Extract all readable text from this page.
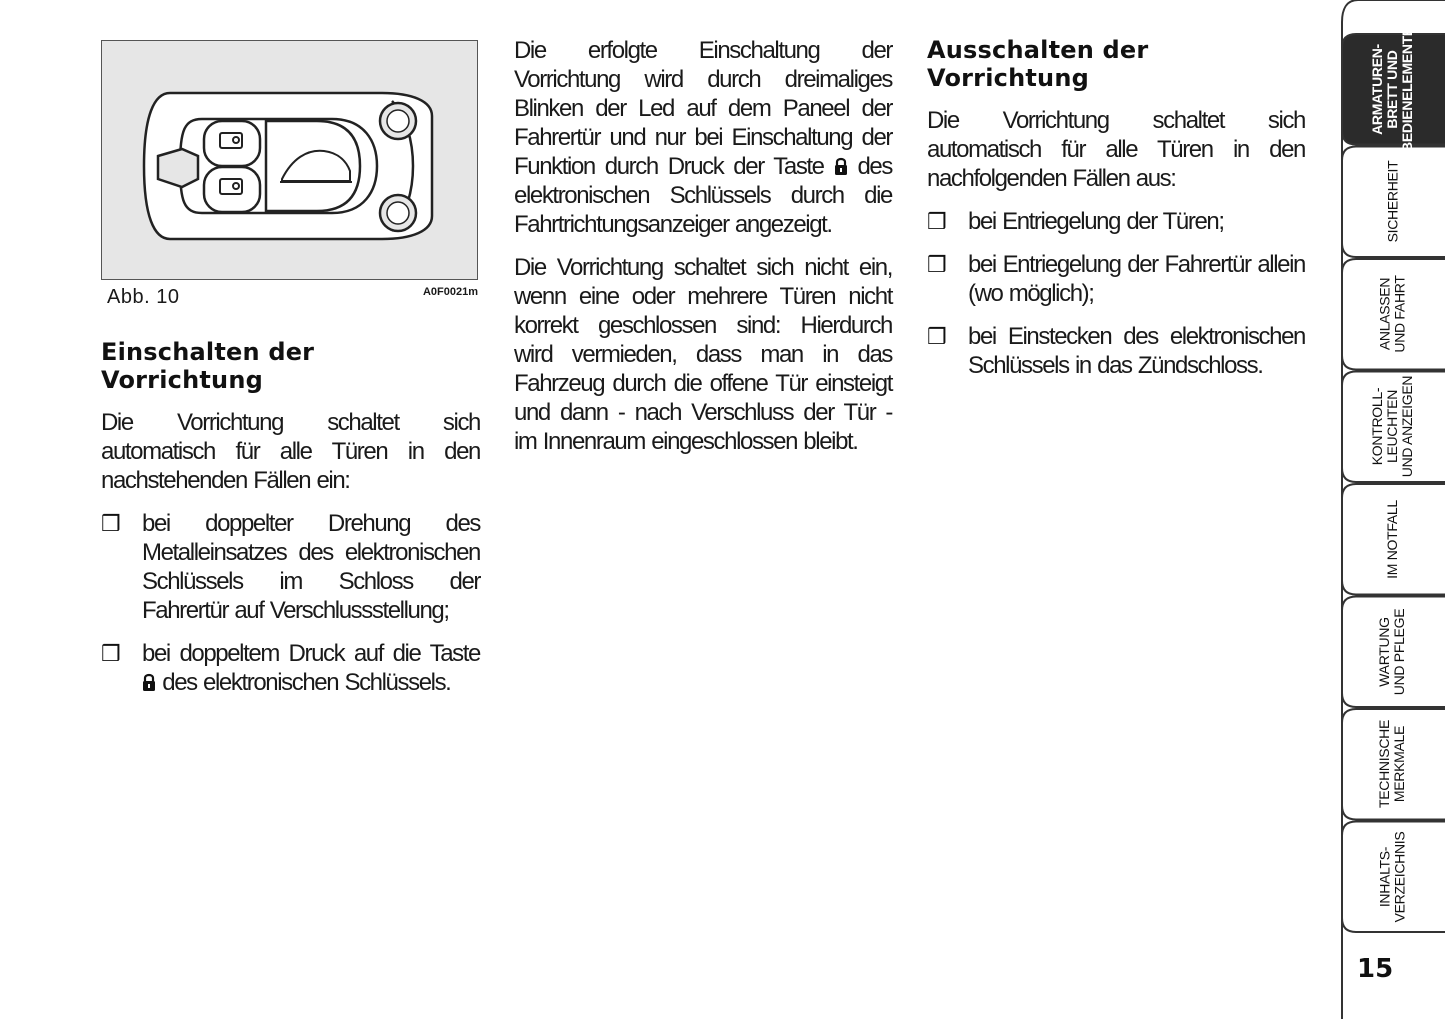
Abb. 10	A0F0021m
Einschalten der Vorrichtung

Die Vorrichtung schaltet sich automatisch für alle Türen in den nachstehenden Fällen ein:

❒ bei doppelter Drehung des Metalleinsatzes des elektronischen Schlüssels im Schloss der Fahrertür auf Verschlussstellung;
❒ bei doppeltem Druck auf die Taste  des elektronischen Schlüssels.

Die erfolgte Einschaltung der Vorrichtung wird durch dreimaliges Blinken der Led auf dem Paneel der Fahrertür und nur bei Einschaltung der Funktion durch Druck der Taste des elektronischen Schlüssels durch die Fahrtrichtungsanzeiger angezeigt.

Die Vorrichtung schaltet sich nicht ein, wenn eine oder mehrere Türen nicht korrekt geschlossen sind: Hierdurch wird vermieden, dass man in das Fahrzeug durch die offene Tür einsteigt und dann - nach Verschluss der Tür - im Innenraum eingeschlossen bleibt.

Ausschalten der Vorrichtung

Die Vorrichtung schaltet sich automatisch für alle Türen in den nachfolgenden Fällen aus:

❒ bei Entriegelung der Türen;
❒ bei Entriegelung der Fahrertür allein (wo möglich);
❒ bei Einstecken des elektronischen Schlüssels in das Zündschloss.
ARMATUREN-
BRETT UND
BEDIENELEMENTE
SICHERHEIT
ANLASSEN
UND FAHRT
KONTROLL-
LEUCHTEN
UND ANZEIGEN
IM NOTFALL
WARTUNG
UND PFLEGE
TECHNISCHE
MERKMALE
INHALTS-
VERZEICHNIS
15
